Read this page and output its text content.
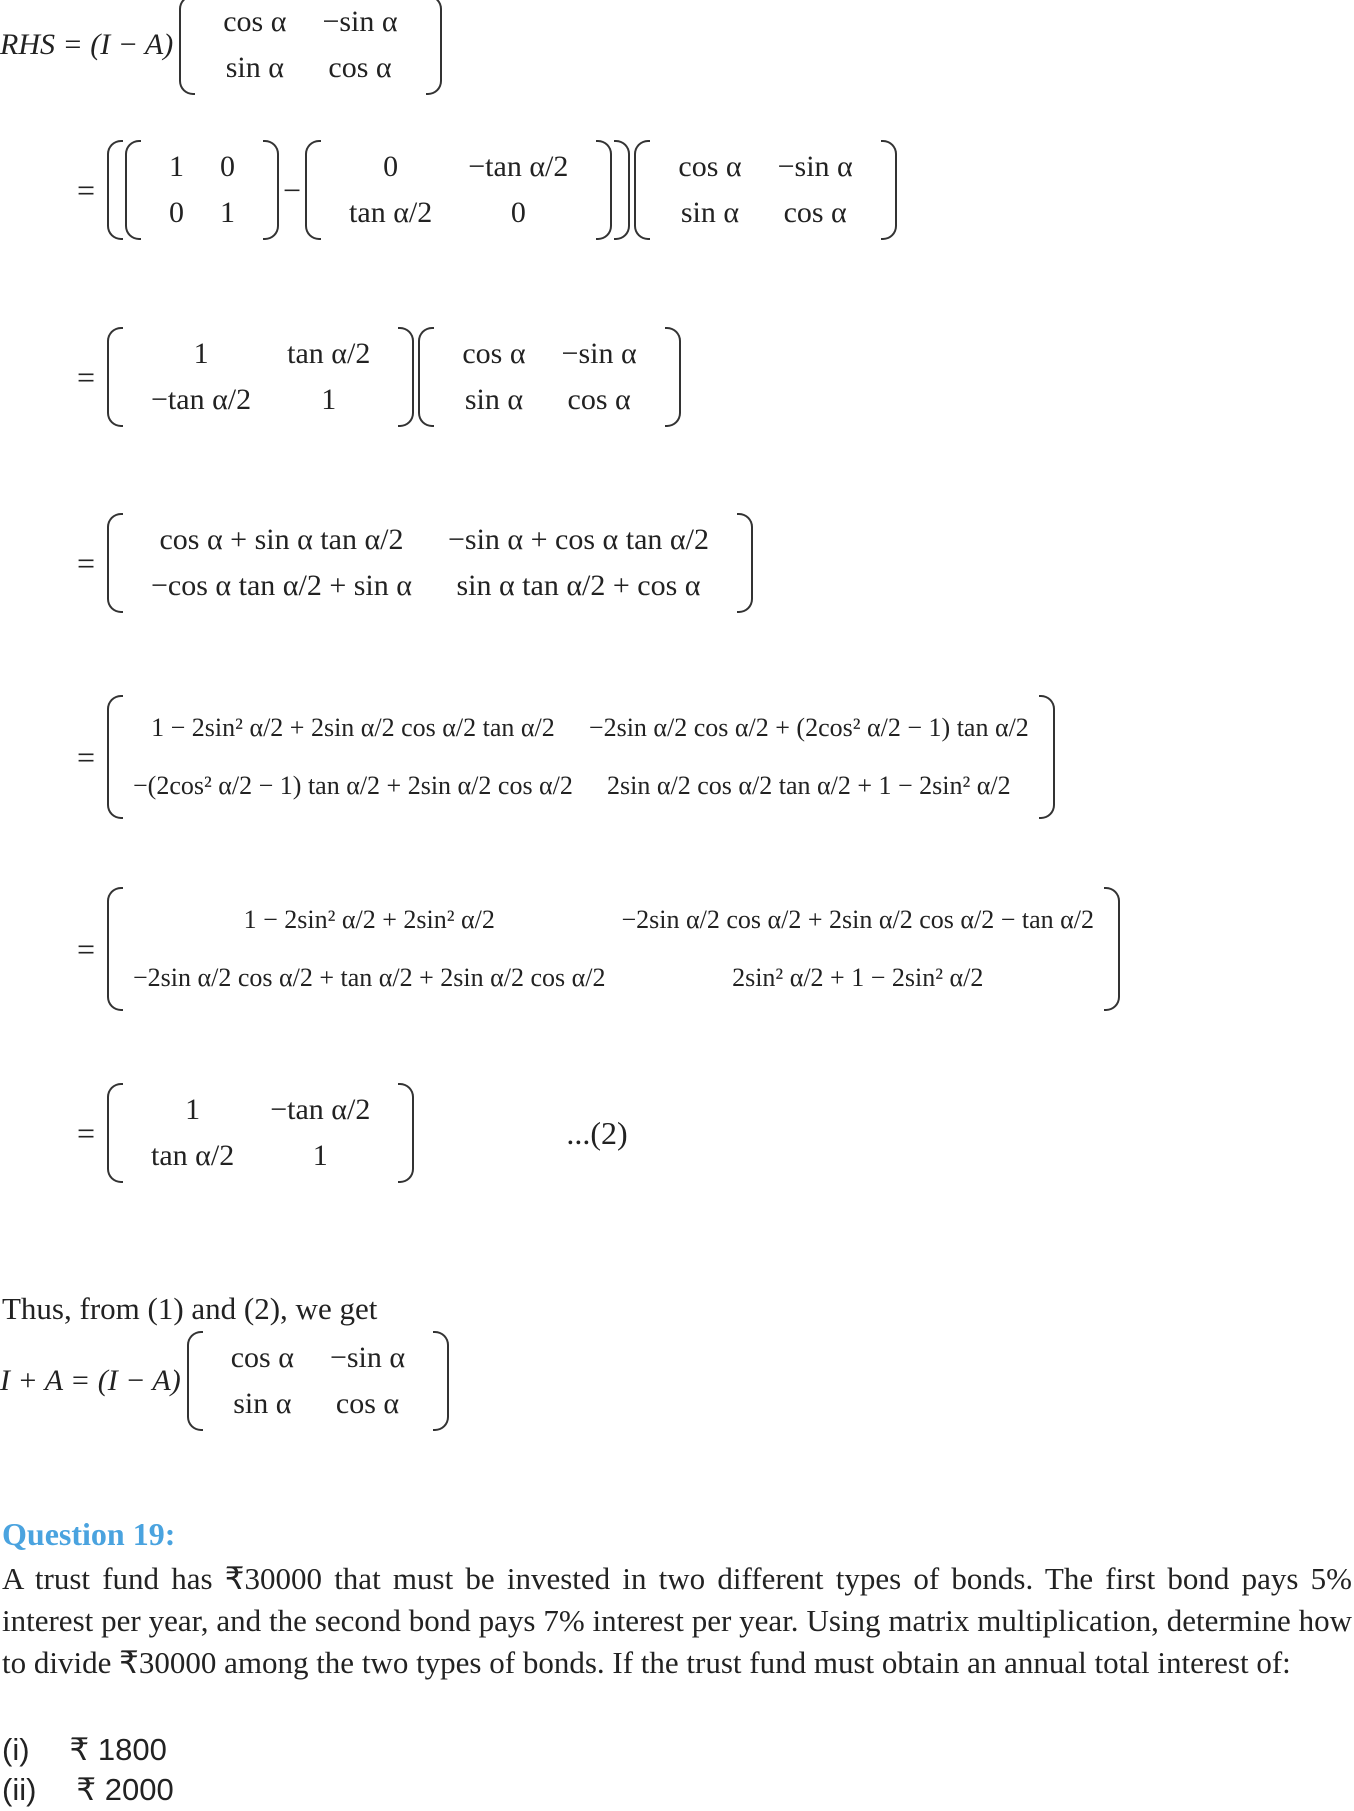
RHS = (I − A)
cos α	−sin α
sin α	cos α
=
1	0
0	1
−
0	−tan α/2
tan α/2	0
cos α	−sin α
sin α	cos α
=
1	tan α/2
−tan α/2	1
cos α	−sin α
sin α	cos α
=
cos α + sin α tan α/2	−sin α + cos α tan α/2
−cos α tan α/2 + sin α	sin α tan α/2 + cos α
=
1 − 2sin² α/2 + 2sin α/2 cos α/2 tan α/2	−2sin α/2 cos α/2 + (2cos² α/2 − 1) tan α/2
−(2cos² α/2 − 1) tan α/2 + 2sin α/2 cos α/2	2sin α/2 cos α/2 tan α/2 + 1 − 2sin² α/2
=
1 − 2sin² α/2 + 2sin² α/2	−2sin α/2 cos α/2 + 2sin α/2 cos α/2 − tan α/2
−2sin α/2 cos α/2 + tan α/2 + 2sin α/2 cos α/2	2sin² α/2 + 1 − 2sin² α/2
=
1	−tan α/2
tan α/2	1
...(2)
Thus, from (1) and (2), we get
I + A = (I − A)
cos α	−sin α
sin α	cos α
Question 19:
A trust fund has ₹30000 that must be invested in two different types of bonds. The first bond pays 5% interest per year, and the second bond pays 7% interest per year. Using matrix multiplication, determine how to divide ₹30000 among the two types of bonds. If the trust fund must obtain an annual total interest of:
(i) ₹ 1800
(ii) ₹ 2000
